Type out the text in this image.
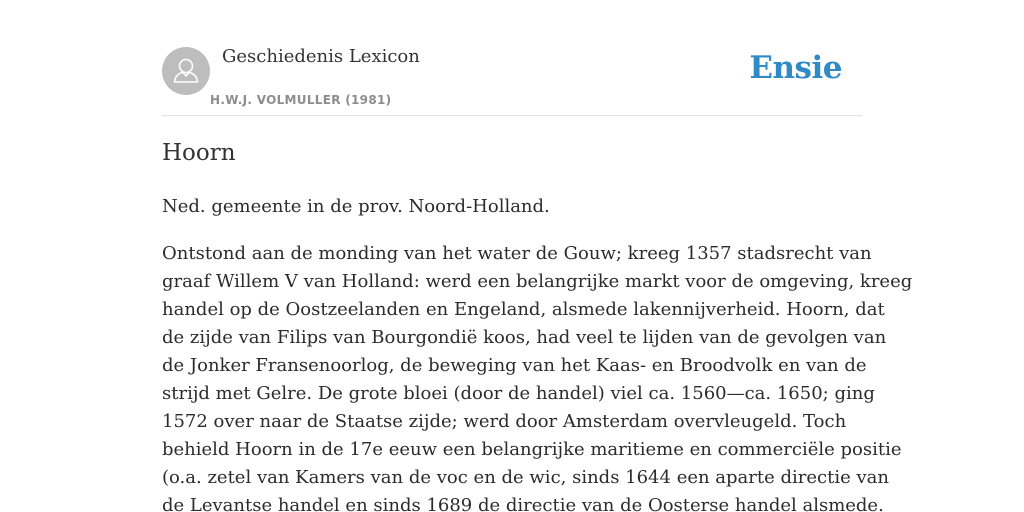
Geschiedenis Lexicon
H.W.J. VOLMULLER (1981)
Ensie
Hoorn

Ned. gemeente in de prov. Noord-Holland.

Ontstond aan de monding van het water de Gouw; kreeg 1357 stadsrecht van
graaf Willem V van Holland: werd een belangrijke markt voor de omgeving, kreeg
handel op de Oostzeelanden en Engeland, alsmede lakennijverheid. Hoorn, dat
de zijde van Filips van Bourgondië koos, had veel te lijden van de gevolgen van
de Jonker Fransenoorlog, de beweging van het Kaas- en Broodvolk en van de
strijd met Gelre. De grote bloei (door de handel) viel ca. 1560—ca. 1650; ging
1572 over naar de Staatse zijde; werd door Amsterdam overvleugeld. Toch
behield Hoorn in de 17e eeuw een belangrijke maritieme en commerciële positie
(o.a. zetel van Kamers van de voc en de wic, sinds 1644 een aparte directie van
de Levantse handel en sinds 1689 de directie van de Oosterse handel alsmede.
